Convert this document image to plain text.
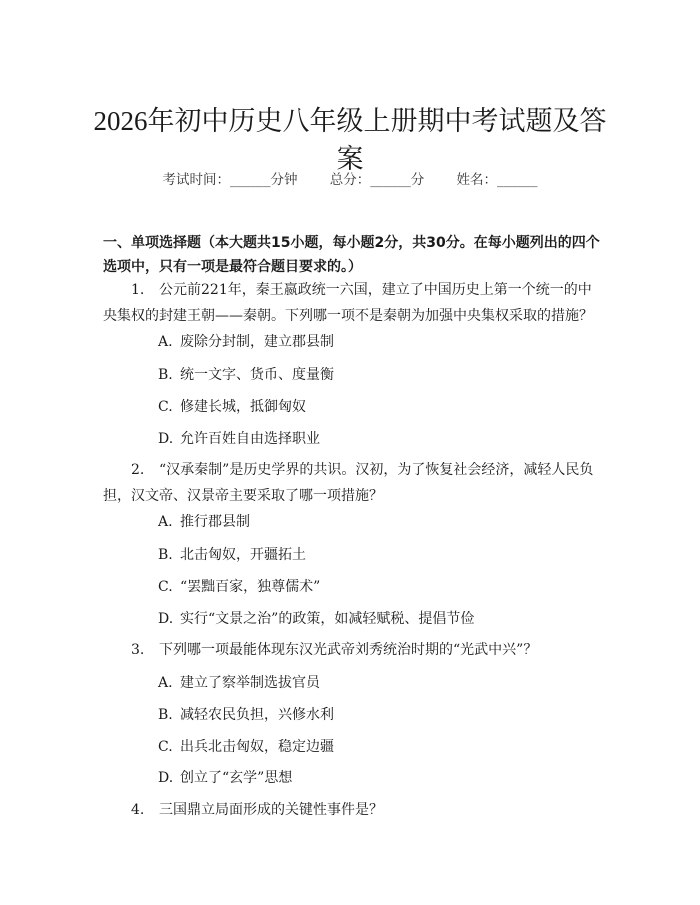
2026年初中历史八年级上册期中考试题及答案
考试时间：______分钟 总分：______分 姓名：______
一、单项选择题（本大题共15小题，每小题2分，共30分。在每小题列出的四个选项中，只有一项是最符合题目要求的。）
1. 公元前221年，秦王嬴政统一六国，建立了中国历史上第一个统一的中央集权的封建王朝——秦朝。下列哪一项不是秦朝为加强中央集权采取的措施？
A. 废除分封制，建立郡县制
B. 统一文字、货币、度量衡
C. 修建长城，抵御匈奴
D. 允许百姓自由选择职业
2. “汉承秦制”是历史学界的共识。汉初，为了恢复社会经济，减轻人民负担，汉文帝、汉景帝主要采取了哪一项措施？
A. 推行郡县制
B. 北击匈奴，开疆拓土
C. “罢黜百家，独尊儒术”
D. 实行“文景之治”的政策，如减轻赋税、提倡节俭
3. 下列哪一项最能体现东汉光武帝刘秀统治时期的“光武中兴”？
A. 建立了察举制选拔官员
B. 减轻农民负担，兴修水利
C. 出兵北击匈奴，稳定边疆
D. 创立了“玄学”思想
4. 三国鼎立局面形成的关键性事件是？
